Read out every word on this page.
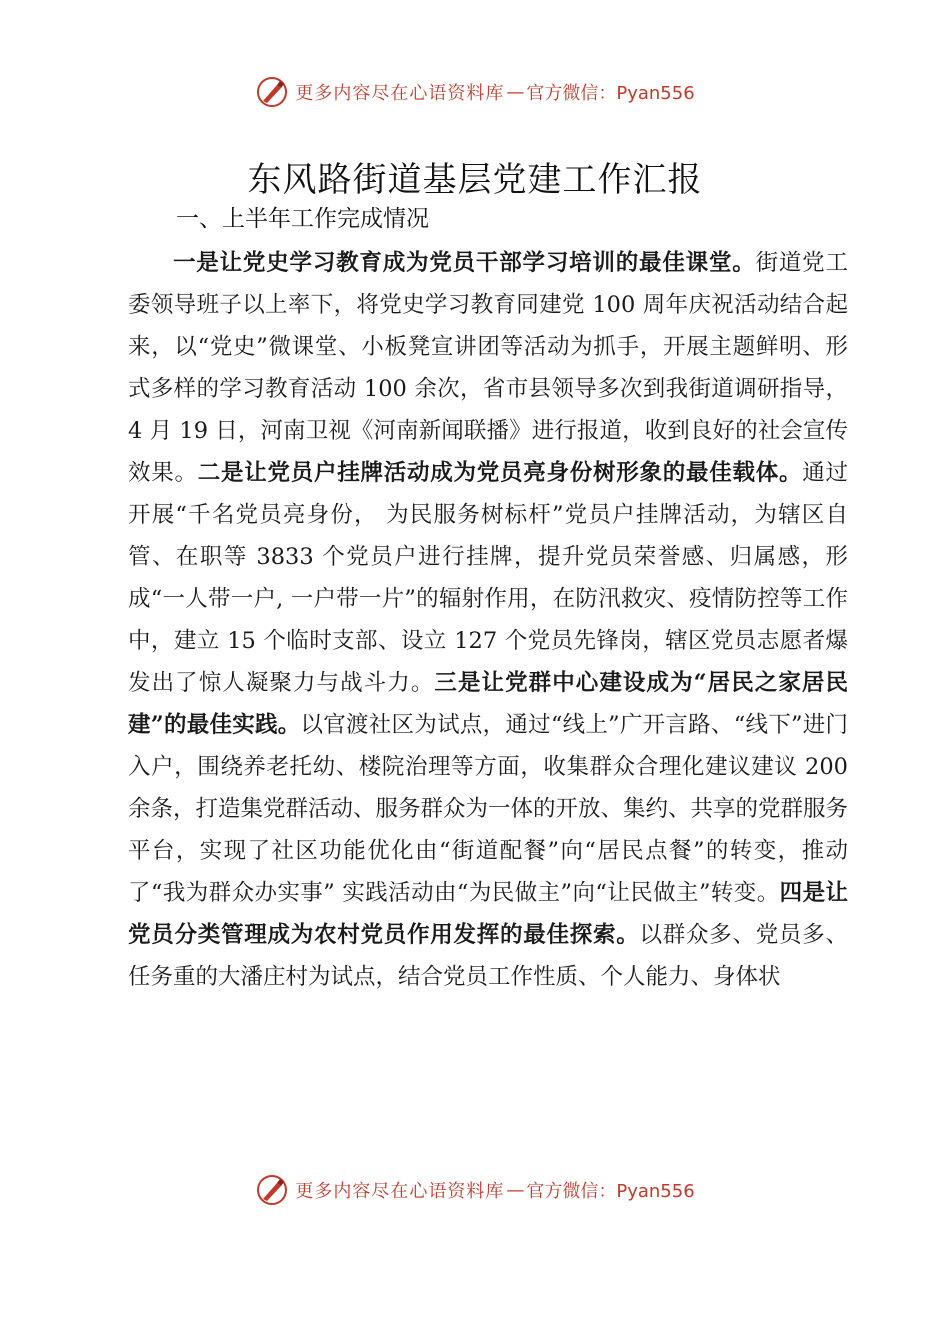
更多内容尽在心语资料库 — 官方微信：Pyan556
东风路街道基层党建工作汇报
一、上半年工作完成情况

一是让党史学习教育成为党员干部学习培训的最佳课堂。街道党工委领导班子以上率下，将党史学习教育同建党 100 周年庆祝活动结合起来，以“党史”微课堂、小板凳宣讲团等活动为抓手，开展主题鲜明、形式多样的学习教育活动 100 余次，省市县领导多次到我街道调研指导，4 月 19 日，河南卫视《河南新闻联播》进行报道，收到良好的社会宣传效果。二是让党员户挂牌活动成为党员亮身份树形象的最佳载体。通过开展“千名党员亮身份， 为民服务树标杆”党员户挂牌活动，为辖区自管、在职等 3833 个党员户进行挂牌，提升党员荣誉感、归属感，形成“一人带一户, 一户带一片”的辐射作用，在防汛救灾、疫情防控等工作中，建立 15 个临时支部、设立 127 个党员先锋岗，辖区党员志愿者爆发出了惊人凝聚力与战斗力。三是让党群中心建设成为“居民之家居民建”的最佳实践。以官渡社区为试点，通过“线上”广开言路、“线下”进门入户，围绕养老托幼、楼院治理等方面，收集群众合理化建议建议 200 余条，打造集党群活动、服务群众为一体的开放、集约、共享的党群服务平台，实现了社区功能优化由“街道配餐”向“居民点餐”的转变，推动了“我为群众办实事” 实践活动由“为民做主”向“让民做主”转变。四是让党员分类管理成为农村党员作用发挥的最佳探索。以群众多、党员多、任务重的大潘庄村为试点，结合党员工作性质、个人能力、身体状

更多内容尽在心语资料库 — 官方微信：Pyan556
